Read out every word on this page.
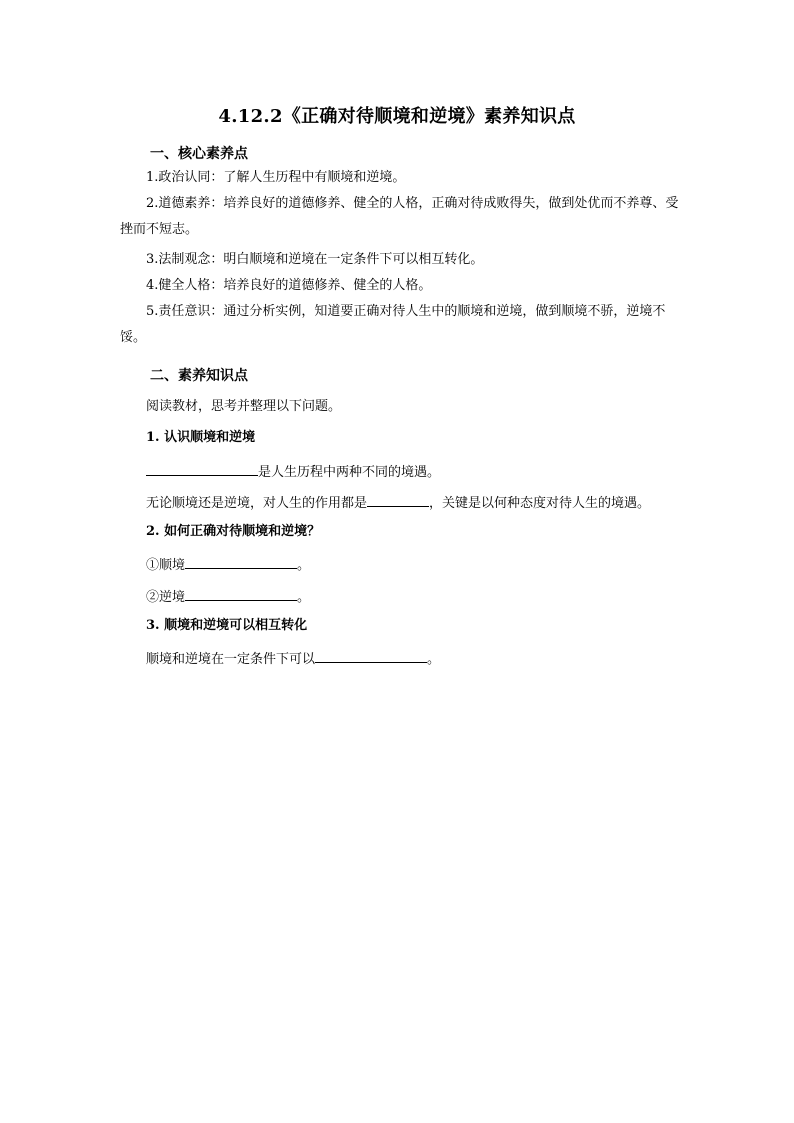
4.12.2《正确对待顺境和逆境》素养知识点
一、核心素养点
1.政治认同：了解人生历程中有顺境和逆境。
2.道德素养：培养良好的道德修养、健全的人格，正确对待成败得失，做到处优而不养尊、受挫而不短志。
3.法制观念：明白顺境和逆境在一定条件下可以相互转化。
4.健全人格：培养良好的道德修养、健全的人格。
5.责任意识：通过分析实例，知道要正确对待人生中的顺境和逆境，做到顺境不骄，逆境不馁。
二、素养知识点
阅读教材，思考并整理以下问题。
1. 认识顺境和逆境
是人生历程中两种不同的境遇。
无论顺境还是逆境，对人生的作用都是	，关键是以何种态度对待人生的境遇。
2. 如何正确对待顺境和逆境？
①顺境	。
②逆境	。
3. 顺境和逆境可以相互转化
顺境和逆境在一定条件下可以	。
